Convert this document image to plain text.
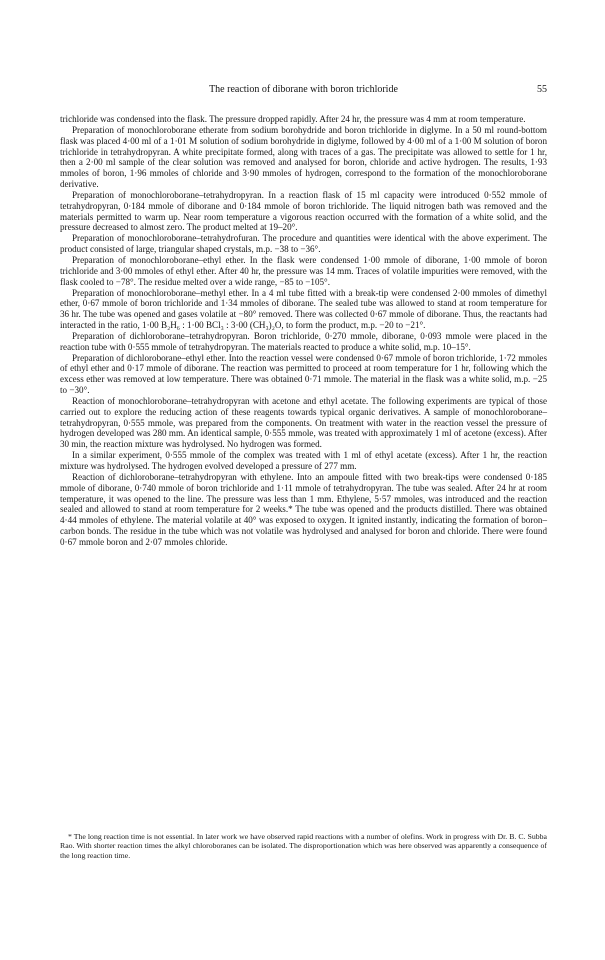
The reaction of diborane with boron trichloride	55

trichloride was condensed into the flask. The pressure dropped rapidly. After 24 hr, the pressure was 4 mm at room temperature.

Preparation of monochloroborane etherate from sodium borohydride and boron trichloride in diglyme. In a 50 ml round-bottom flask was placed 4·00 ml of a 1·01 M solution of sodium borohydride in diglyme, followed by 4·00 ml of a 1·00 M solution of boron trichloride in tetrahydropyran. A white precipitate formed, along with traces of a gas. The precipitate was allowed to settle for 1 hr, then a 2·00 ml sample of the clear solution was removed and analysed for boron, chloride and active hydrogen. The results, 1·93 mmoles of boron, 1·96 mmoles of chloride and 3·90 mmoles of hydrogen, correspond to the formation of the monochloroborane derivative.

Preparation of monochloroborane–tetrahydropyran. In a reaction flask of 15 ml capacity were introduced 0·552 mmole of tetrahydropyran, 0·184 mmole of diborane and 0·184 mmole of boron trichloride. The liquid nitrogen bath was removed and the materials permitted to warm up. Near room temperature a vigorous reaction occurred with the formation of a white solid, and the pressure decreased to almost zero. The product melted at 19–20°.

Preparation of monochloroborane–tetrahydrofuran. The procedure and quantities were identical with the above experiment. The product consisted of large, triangular shaped crystals, m.p. −38 to −36°.

Preparation of monochloroborane–ethyl ether. In the flask were condensed 1·00 mmole of diborane, 1·00 mmole of boron trichloride and 3·00 mmoles of ethyl ether. After 40 hr, the pressure was 14 mm. Traces of volatile impurities were removed, with the flask cooled to −78°. The residue melted over a wide range, −85 to −105°.

Preparation of monochloroborane–methyl ether. In a 4 ml tube fitted with a break-tip were condensed 2·00 mmoles of dimethyl ether, 0·67 mmole of boron trichloride and 1·34 mmoles of diborane. The sealed tube was allowed to stand at room temperature for 36 hr. The tube was opened and gases volatile at −80° removed. There was collected 0·67 mmole of diborane. Thus, the reactants had interacted in the ratio, 1·00 B₂H₆ : 1·00 BCl₃ : 3·00 (CH₃)₂O, to form the product, m.p. −20 to −21°.

Preparation of dichloroborane–tetrahydropyran. Boron trichloride, 0·270 mmole, diborane, 0·093 mmole were placed in the reaction tube with 0·555 mmole of tetrahydropyran. The materials reacted to produce a white solid, m.p. 10–15°.

Preparation of dichloroborane–ethyl ether. Into the reaction vessel were condensed 0·67 mmole of boron trichloride, 1·72 mmoles of ethyl ether and 0·17 mmole of diborane. The reaction was permitted to proceed at room temperature for 1 hr, following which the excess ether was removed at low temperature. There was obtained 0·71 mmole. The material in the flask was a white solid, m.p. −25 to −30°.

Reaction of monochloroborane–tetrahydropyran with acetone and ethyl acetate. The following experiments are typical of those carried out to explore the reducing action of these reagents towards typical organic derivatives. A sample of monochloroborane–tetrahydropyran, 0·555 mmole, was prepared from the components. On treatment with water in the reaction vessel the pressure of hydrogen developed was 280 mm. An identical sample, 0·555 mmole, was treated with approximately 1 ml of acetone (excess). After 30 min, the reaction mixture was hydrolysed. No hydrogen was formed.

In a similar experiment, 0·555 mmole of the complex was treated with 1 ml of ethyl acetate (excess). After 1 hr, the reaction mixture was hydrolysed. The hydrogen evolved developed a pressure of 277 mm.

Reaction of dichloroborane–tetrahydropyran with ethylene. Into an ampoule fitted with two break-tips were condensed 0·185 mmole of diborane, 0·740 mmole of boron trichloride and 1·11 mmole of tetrahydropyran. The tube was sealed. After 24 hr at room temperature, it was opened to the line. The pressure was less than 1 mm. Ethylene, 5·57 mmoles, was introduced and the reaction sealed and allowed to stand at room temperature for 2 weeks.* The tube was opened and the products distilled. There was obtained 4·44 mmoles of ethylene. The material volatile at 40° was exposed to oxygen. It ignited instantly, indicating the formation of boron–carbon bonds. The residue in the tube which was not volatile was hydrolysed and analysed for boron and chloride. There were found 0·67 mmole boron and 2·07 mmoles chloride.

* The long reaction time is not essential. In later work we have observed rapid reactions with a number of olefins. Work in progress with Dr. B. C. Subba Rao. With shorter reaction times the alkyl chloroboranes can be isolated. The disproportionation which was here observed was apparently a consequence of the long reaction time.
